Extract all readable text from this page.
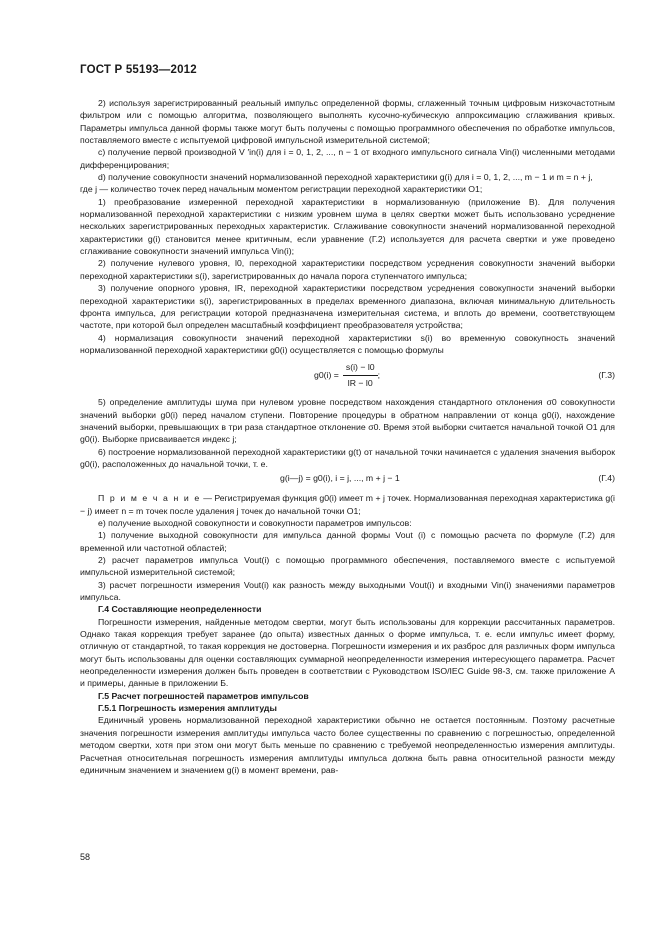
ГОСТ Р 55193—2012

2) используя зарегистрированный реальный импульс определенной формы, сглаженный точным цифровым низкочастотным фильтром или с помощью алгоритма, позволяющего выполнять кусочно-кубическую аппроксимацию сглаживания кривых. Параметры импульса данной формы также могут быть получены с помощью программного обеспечения по обработке импульсов, поставляемого вместе с испытуемой цифровой импульсной измерительной системой;

c) получение первой производной V ′in(i) для i = 0, 1, 2, ..., n − 1 от входного импульсного сигнала Vin(i) численными методами дифференцирования;

d) получение совокупности значений нормализованной переходной характеристики g(i) для i = 0, 1, 2, ..., m − 1 и m = n + j,

где j — количество точек перед начальным моментом регистрации переходной характеристики O1;

1) преобразование измеренной переходной характеристики в нормализованную (приложение В). Для получения нормализованной переходной характеристики с низким уровнем шума в целях свертки может быть использовано усреднение нескольких зарегистрированных переходных характеристик. Сглаживание совокупности значений нормализованной переходной характеристики g(i) становится менее критичным, если уравнение (Г.2) используется для расчета свертки и уже проведено сглаживание совокупности значений импульса Vin(i);

2) получение нулевого уровня, l0, переходной характеристики посредством усреднения совокупности значений выборки переходной характеристики s(i), зарегистрированных до начала порога ступенчатого импульса;

3) получение опорного уровня, lR, переходной характеристики посредством усреднения совокупности значений выборки переходной характеристики s(i), зарегистрированных в пределах временного диапазона, включая минимальную длительность фронта импульса, для регистрации которой предназначена измерительная система, и вплоть до времени, соответствующем частоте, при которой был определен масштабный коэффициент преобразователя устройства;

4) нормализация совокупности значений переходной характеристики s(i) во временную совокупность значений нормализованной переходной характеристики g0(i) осуществляется с помощью формулы

$g0(i) = \frac{s(i) - l0}{lR - l0}$ ;	(Г.3)

5) определение амплитуды шума при нулевом уровне посредством нахождения стандартного отклонения σ0 совокупности значений выборки g0(i) перед началом ступени. Повторение процедуры в обратном направлении от конца g0(i), нахождение значений выборки, превышающих в три раза стандартное отклонение σ0. Время этой выборки считается начальной точкой O1 для g0(i). Выборке присваивается индекс j;

6) построение нормализованной переходной характеристики g(t) от начальной точки начинается с удаления значения выборок g0(i), расположенных до начальной точки, т. е.

g(i—j) = g0(i), i = j, ..., m + j − 1	(Г.4)

П р и м е ч а н и е — Регистрируемая функция g0(i) имеет m + j точек. Нормализованная переходная характеристика g(i − j) имеет n = m точек после удаления j точек до начальной точки O1;

e) получение выходной совокупности и совокупности параметров импульсов:

1) получение выходной совокупности для импульса данной формы Vout (i) с помощью расчета по формуле (Г.2) для временной или частотной областей;

2) расчет параметров импульса Vout(i) с помощью программного обеспечения, поставляемого вместе с испытуемой импульсной измерительной системой;

3) расчет погрешности измерения Vout(i) как разность между выходными Vout(i) и входными Vin(i) значениями параметров импульса.

Г.4 Составляющие неопределенности

Погрешности измерения, найденные методом свертки, могут быть использованы для коррекции рассчитанных параметров. Однако такая коррекция требует заранее (до опыта) известных данных о форме импульса, т. е. если импульс имеет форму, отличную от стандартной, то такая коррекция не достоверна. Погрешности измерения и их разброс для различных форм импульса могут быть использованы для оценки составляющих суммарной неопределенности измерения интересующего параметра. Расчет неопределенности измерения должен быть проведен в соответствии с Руководством ISO/IEC Guide 98-3, см. также приложение А и примеры, данные в приложении Б.

Г.5 Расчет погрешностей параметров импульсов

Г.5.1 Погрешность измерения амплитуды

Единичный уровень нормализованной переходной характеристики обычно не остается постоянным. Поэтому расчетные значения погрешности измерения амплитуды импульса часто более существенны по сравнению с погрешностью, определенной методом свертки, хотя при этом они могут быть меньше по сравнению с требуемой неопределенностью измерения амплитуды. Расчетная относительная погрешность измерения амплитуды импульса должна быть равна относительной разности между единичным значением и значением g(i) в момент времени, рав-

58
